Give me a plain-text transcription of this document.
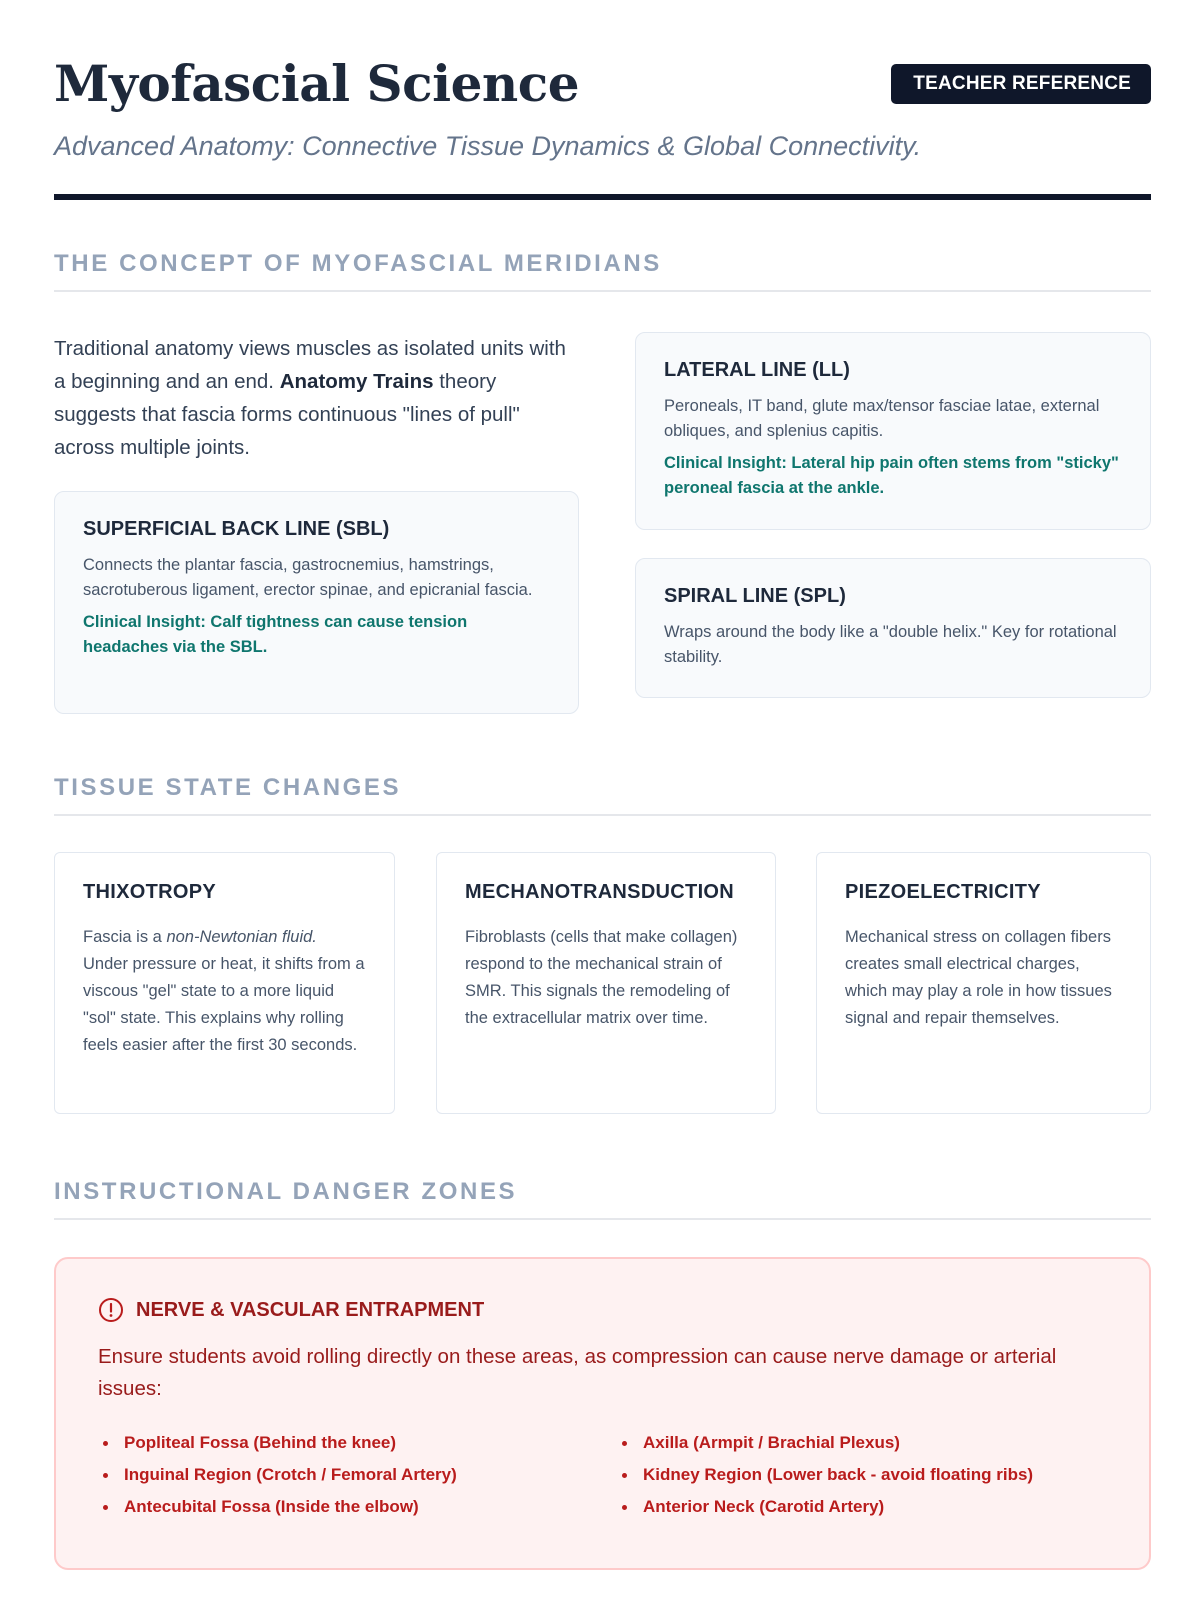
Myofascial Science	TEACHER REFERENCE
Advanced Anatomy: Connective Tissue Dynamics & Global Connectivity.
THE CONCEPT OF MYOFASCIAL MERIDIANS

Traditional anatomy views muscles as isolated units with a beginning and an end. Anatomy Trains theory suggests that fascia forms continuous "lines of pull" across multiple joints.

SUPERFICIAL BACK LINE (SBL)

Connects the plantar fascia, gastrocnemius, hamstrings, sacrotuberous ligament, erector spinae, and epicranial fascia.

Clinical Insight: Calf tightness can cause tension headaches via the SBL.

LATERAL LINE (LL)

Peroneals, IT band, glute max/tensor fasciae latae, external obliques, and splenius capitis.

Clinical Insight: Lateral hip pain often stems from "sticky" peroneal fascia at the ankle.

SPIRAL LINE (SPL)

Wraps around the body like a "double helix." Key for rotational stability.

TISSUE STATE CHANGES
THIXOTROPY

Fascia is a non-Newtonian fluid. Under pressure or heat, it shifts from a viscous "gel" state to a more liquid "sol" state. This explains why rolling feels easier after the first 30 seconds.

MECHANOTRANSDUCTION

Fibroblasts (cells that make collagen) respond to the mechanical strain of SMR. This signals the remodeling of the extracellular matrix over time.

PIEZOELECTRICITY

Mechanical stress on collagen fibers creates small electrical charges, which may play a role in how tissues signal and repair themselves.

INSTRUCTIONAL DANGER ZONES
NERVE & VASCULAR ENTRAPMENT

Ensure students avoid rolling directly on these areas, as compression can cause nerve damage or arterial issues:

Popliteal Fossa (Behind the knee)
Inguinal Region (Crotch / Femoral Artery)
Antecubital Fossa (Inside the elbow)
Axilla (Armpit / Brachial Plexus)
Kidney Region (Lower back - avoid floating ribs)
Anterior Neck (Carotid Artery)
